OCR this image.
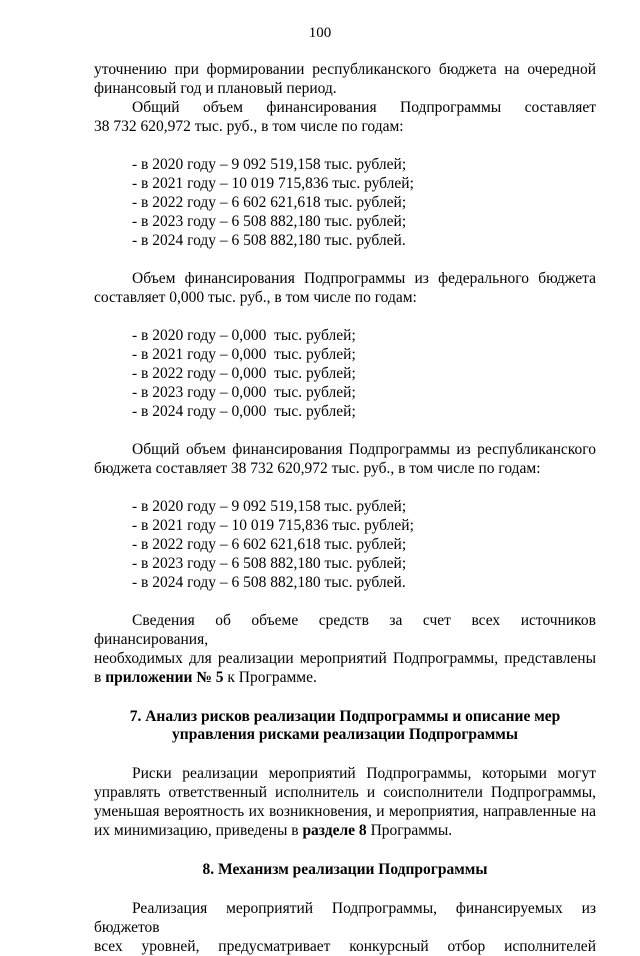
100

уточнению при формировании республиканского бюджета на очередной

финансовый год и плановый период.

Общий объем финансирования Подпрограммы составляет

38 732 620,972 тыс. руб., в том числе по годам:

- в 2020 году – 9 092 519,158 тыс. рублей;
- в 2021 году – 10 019 715,836 тыс. рублей;
- в 2022 году – 6 602 621,618 тыс. рублей;
- в 2023 году – 6 508 882,180 тыс. рублей;
- в 2024 году – 6 508 882,180 тыс. рублей.

Объем финансирования Подпрограммы из федерального бюджета

составляет 0,000 тыс. руб., в том числе по годам:

- в 2020 году – 0,000  тыс. рублей;
- в 2021 году – 0,000  тыс. рублей;
- в 2022 году – 0,000  тыс. рублей;
- в 2023 году – 0,000  тыс. рублей;
- в 2024 году – 0,000  тыс. рублей;

Общий объем финансирования Подпрограммы из республиканского

бюджета составляет 38 732 620,972 тыс. руб., в том числе по годам:

- в 2020 году – 9 092 519,158 тыс. рублей;
- в 2021 году – 10 019 715,836 тыс. рублей;
- в 2022 году – 6 602 621,618 тыс. рублей;
- в 2023 году – 6 508 882,180 тыс. рублей;
- в 2024 году – 6 508 882,180 тыс. рублей.

Сведения об объеме средств за счет всех источников финансирования,

необходимых для реализации мероприятий Подпрограммы, представлены

в приложении № 5 к Программе.

7. Анализ рисков реализации Подпрограммы и описание мер

управления рисками реализации Подпрограммы

Риски реализации мероприятий Подпрограммы, которыми могут

управлять ответственный исполнитель и соисполнители Подпрограммы,

уменьшая вероятность их возникновения, и мероприятия, направленные на

их минимизацию, приведены в разделе 8 Программы.

8. Механизм реализации Подпрограммы

Реализация мероприятий Подпрограммы, финансируемых из бюджетов

всех уровней, предусматривает конкурсный отбор исполнителей
